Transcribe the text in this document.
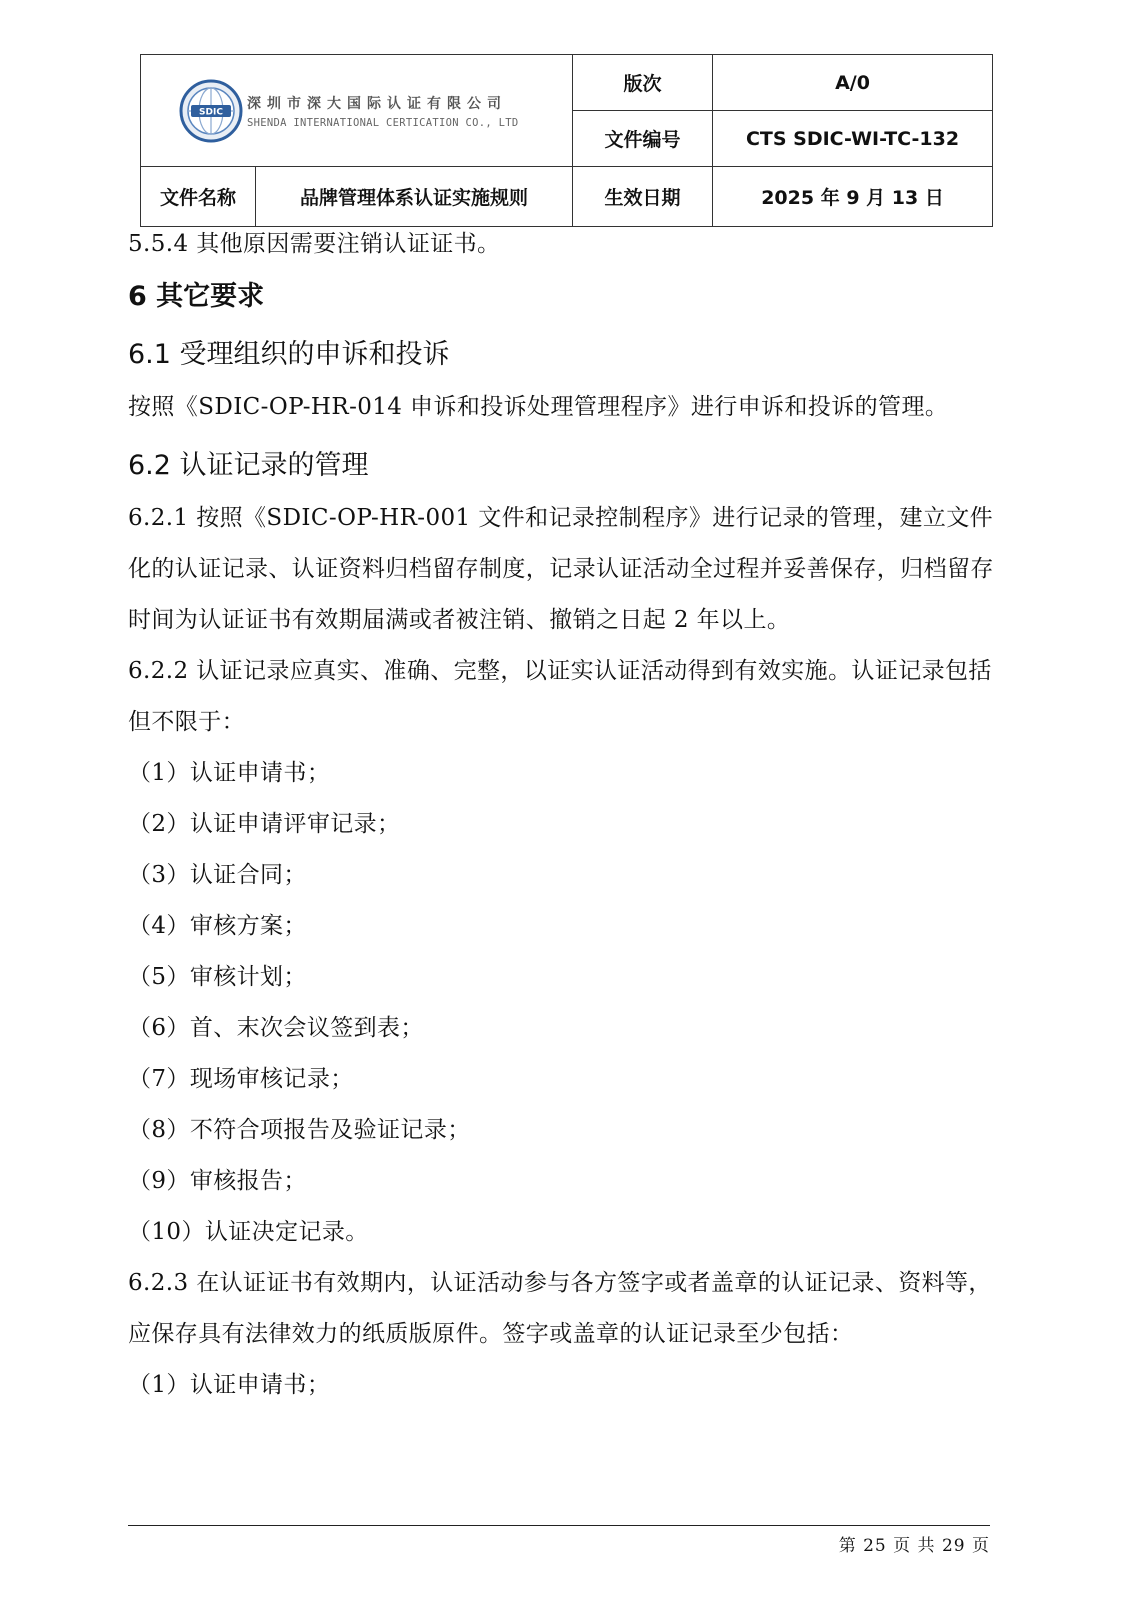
SDIC
深圳市深大国际认证有限公司
SHENDA INTERNATIONAL CERTICATION CO., LTD		版次	A/0
		文件编号	CTS SDIC-WI-TC-132
文件名称	品牌管理体系认证实施规则	生效日期	2025 年 9 月 13 日

5.5.4 其他原因需要注销认证证书。

6 其它要求
6.1 受理组织的申诉和投诉

按照《SDIC-OP-HR-014 申诉和投诉处理管理程序》进行申诉和投诉的管理。

6.2 认证记录的管理

6.2.1 按照《SDIC-OP-HR-001 文件和记录控制程序》进行记录的管理，建立文件化的认证记录、认证资料归档留存制度，记录认证活动全过程并妥善保存，归档留存时间为认证证书有效期届满或者被注销、撤销之日起 2 年以上。

6.2.2 认证记录应真实、准确、完整，以证实认证活动得到有效实施。认证记录包括但不限于：

（1）认证申请书；

（2）认证申请评审记录；

（3）认证合同；

（4）审核方案；

（5）审核计划；

（6）首、末次会议签到表；

（7）现场审核记录；

（8）不符合项报告及验证记录；

（9）审核报告；

（10）认证决定记录。

6.2.3 在认证证书有效期内，认证活动参与各方签字或者盖章的认证记录、资料等，应保存具有法律效力的纸质版原件。签字或盖章的认证记录至少包括：

（1）认证申请书；

第 25 页 共 29 页
